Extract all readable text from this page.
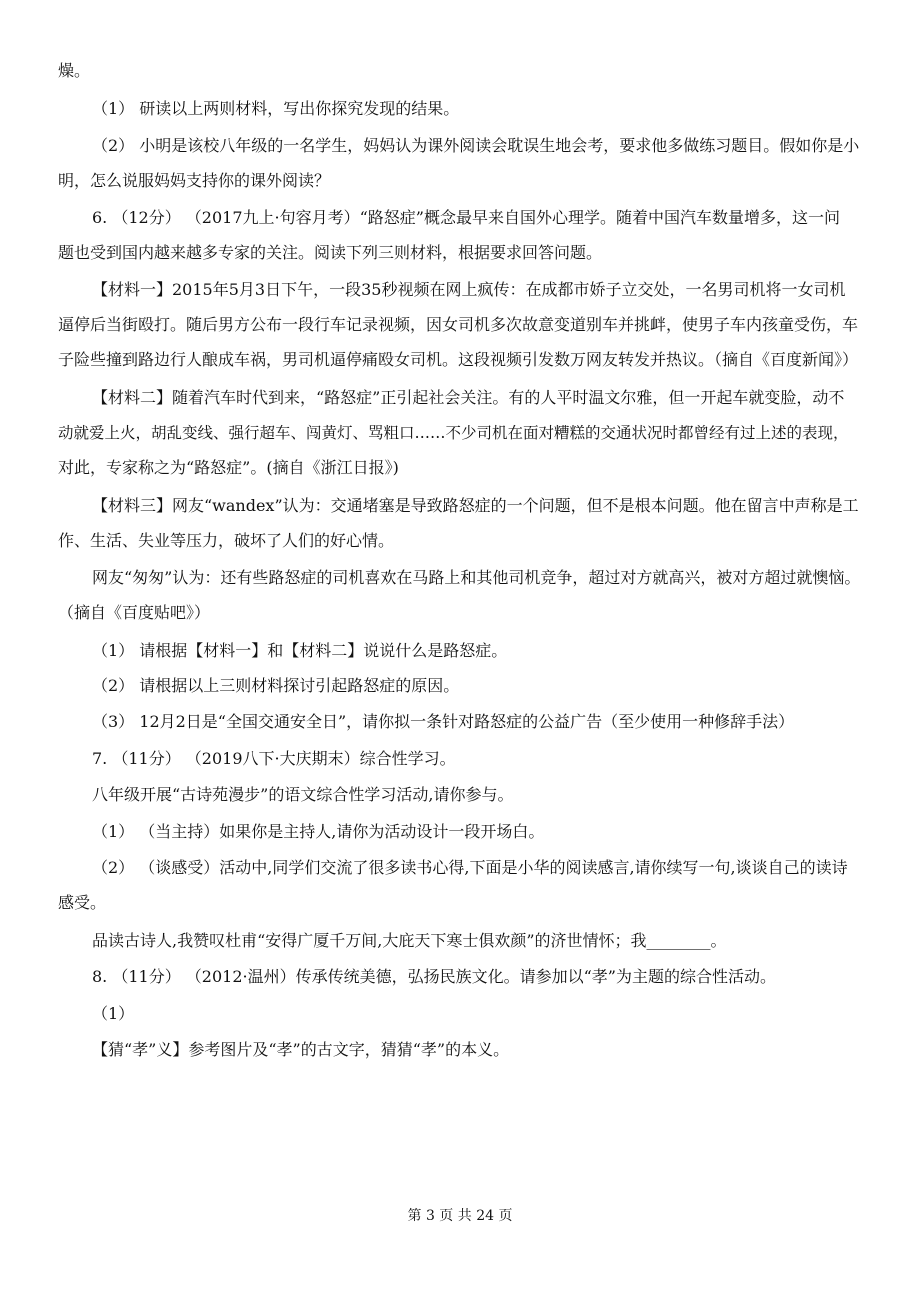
燥。
（1） 研读以上两则材料，写出你探究发现的结果。
（2） 小明是该校八年级的一名学生，妈妈认为课外阅读会耽误生地会考，要求他多做练习题目。假如你是小
明，怎么说服妈妈支持你的课外阅读？
6. （12分） （2017九上·句容月考）“路怒症”概念最早来自国外心理学。随着中国汽车数量增多，这一问
题也受到国内越来越多专家的关注。阅读下列三则材料，根据要求回答问题。
【材料一】2015年5月3日下午，一段35秒视频在网上疯传：在成都市娇子立交处，一名男司机将一女司机
逼停后当街殴打。随后男方公布一段行车记录视频，因女司机多次故意变道别车并挑衅，使男子车内孩童受伤，车
子险些撞到路边行人酿成车祸，男司机逼停痛殴女司机。这段视频引发数万网友转发并热议。（摘自《百度新闻》）
【材料二】随着汽车时代到来，“路怒症”正引起社会关注。有的人平时温文尔雅，但一开起车就变脸，动不
动就爱上火，胡乱变线、强行超车、闯黄灯、骂粗口……不少司机在面对糟糕的交通状况时都曾经有过上述的表现，
对此，专家称之为“路怒症”。(摘自《浙江日报》)
【材料三】网友“wandex”认为：交通堵塞是导致路怒症的一个问题，但不是根本问题。他在留言中声称是工
作、生活、失业等压力，破坏了人们的好心情。
网友“匆匆”认为：还有些路怒症的司机喜欢在马路上和其他司机竞争，超过对方就高兴，被对方超过就懊恼。
（摘自《百度贴吧》）
（1） 请根据【材料一】和【材料二】说说什么是路怒症。
（2） 请根据以上三则材料探讨引起路怒症的原因。
（3） 12月2日是“全国交通安全日”，请你拟一条针对路怒症的公益广告（至少使用一种修辞手法）
7. （11分） （2019八下·大庆期末）综合性学习。
八年级开展“古诗苑漫步”的语文综合性学习活动,请你参与。
（1） （当主持）如果你是主持人,请你为活动设计一段开场白。
（2） （谈感受）活动中,同学们交流了很多读书心得,下面是小华的阅读感言,请你续写一句,谈谈自己的读诗
感受。
品读古诗人,我赞叹杜甫“安得广厦千万间,大庇天下寒士俱欢颜”的济世情怀；我________。
8. （11分） （2012·温州）传承传统美德，弘扬民族文化。请参加以“孝”为主题的综合性活动。
（1）
【猜“孝”义】参考图片及“孝”的古文字，猜猜“孝”的本义。
第 3 页 共 24 页
